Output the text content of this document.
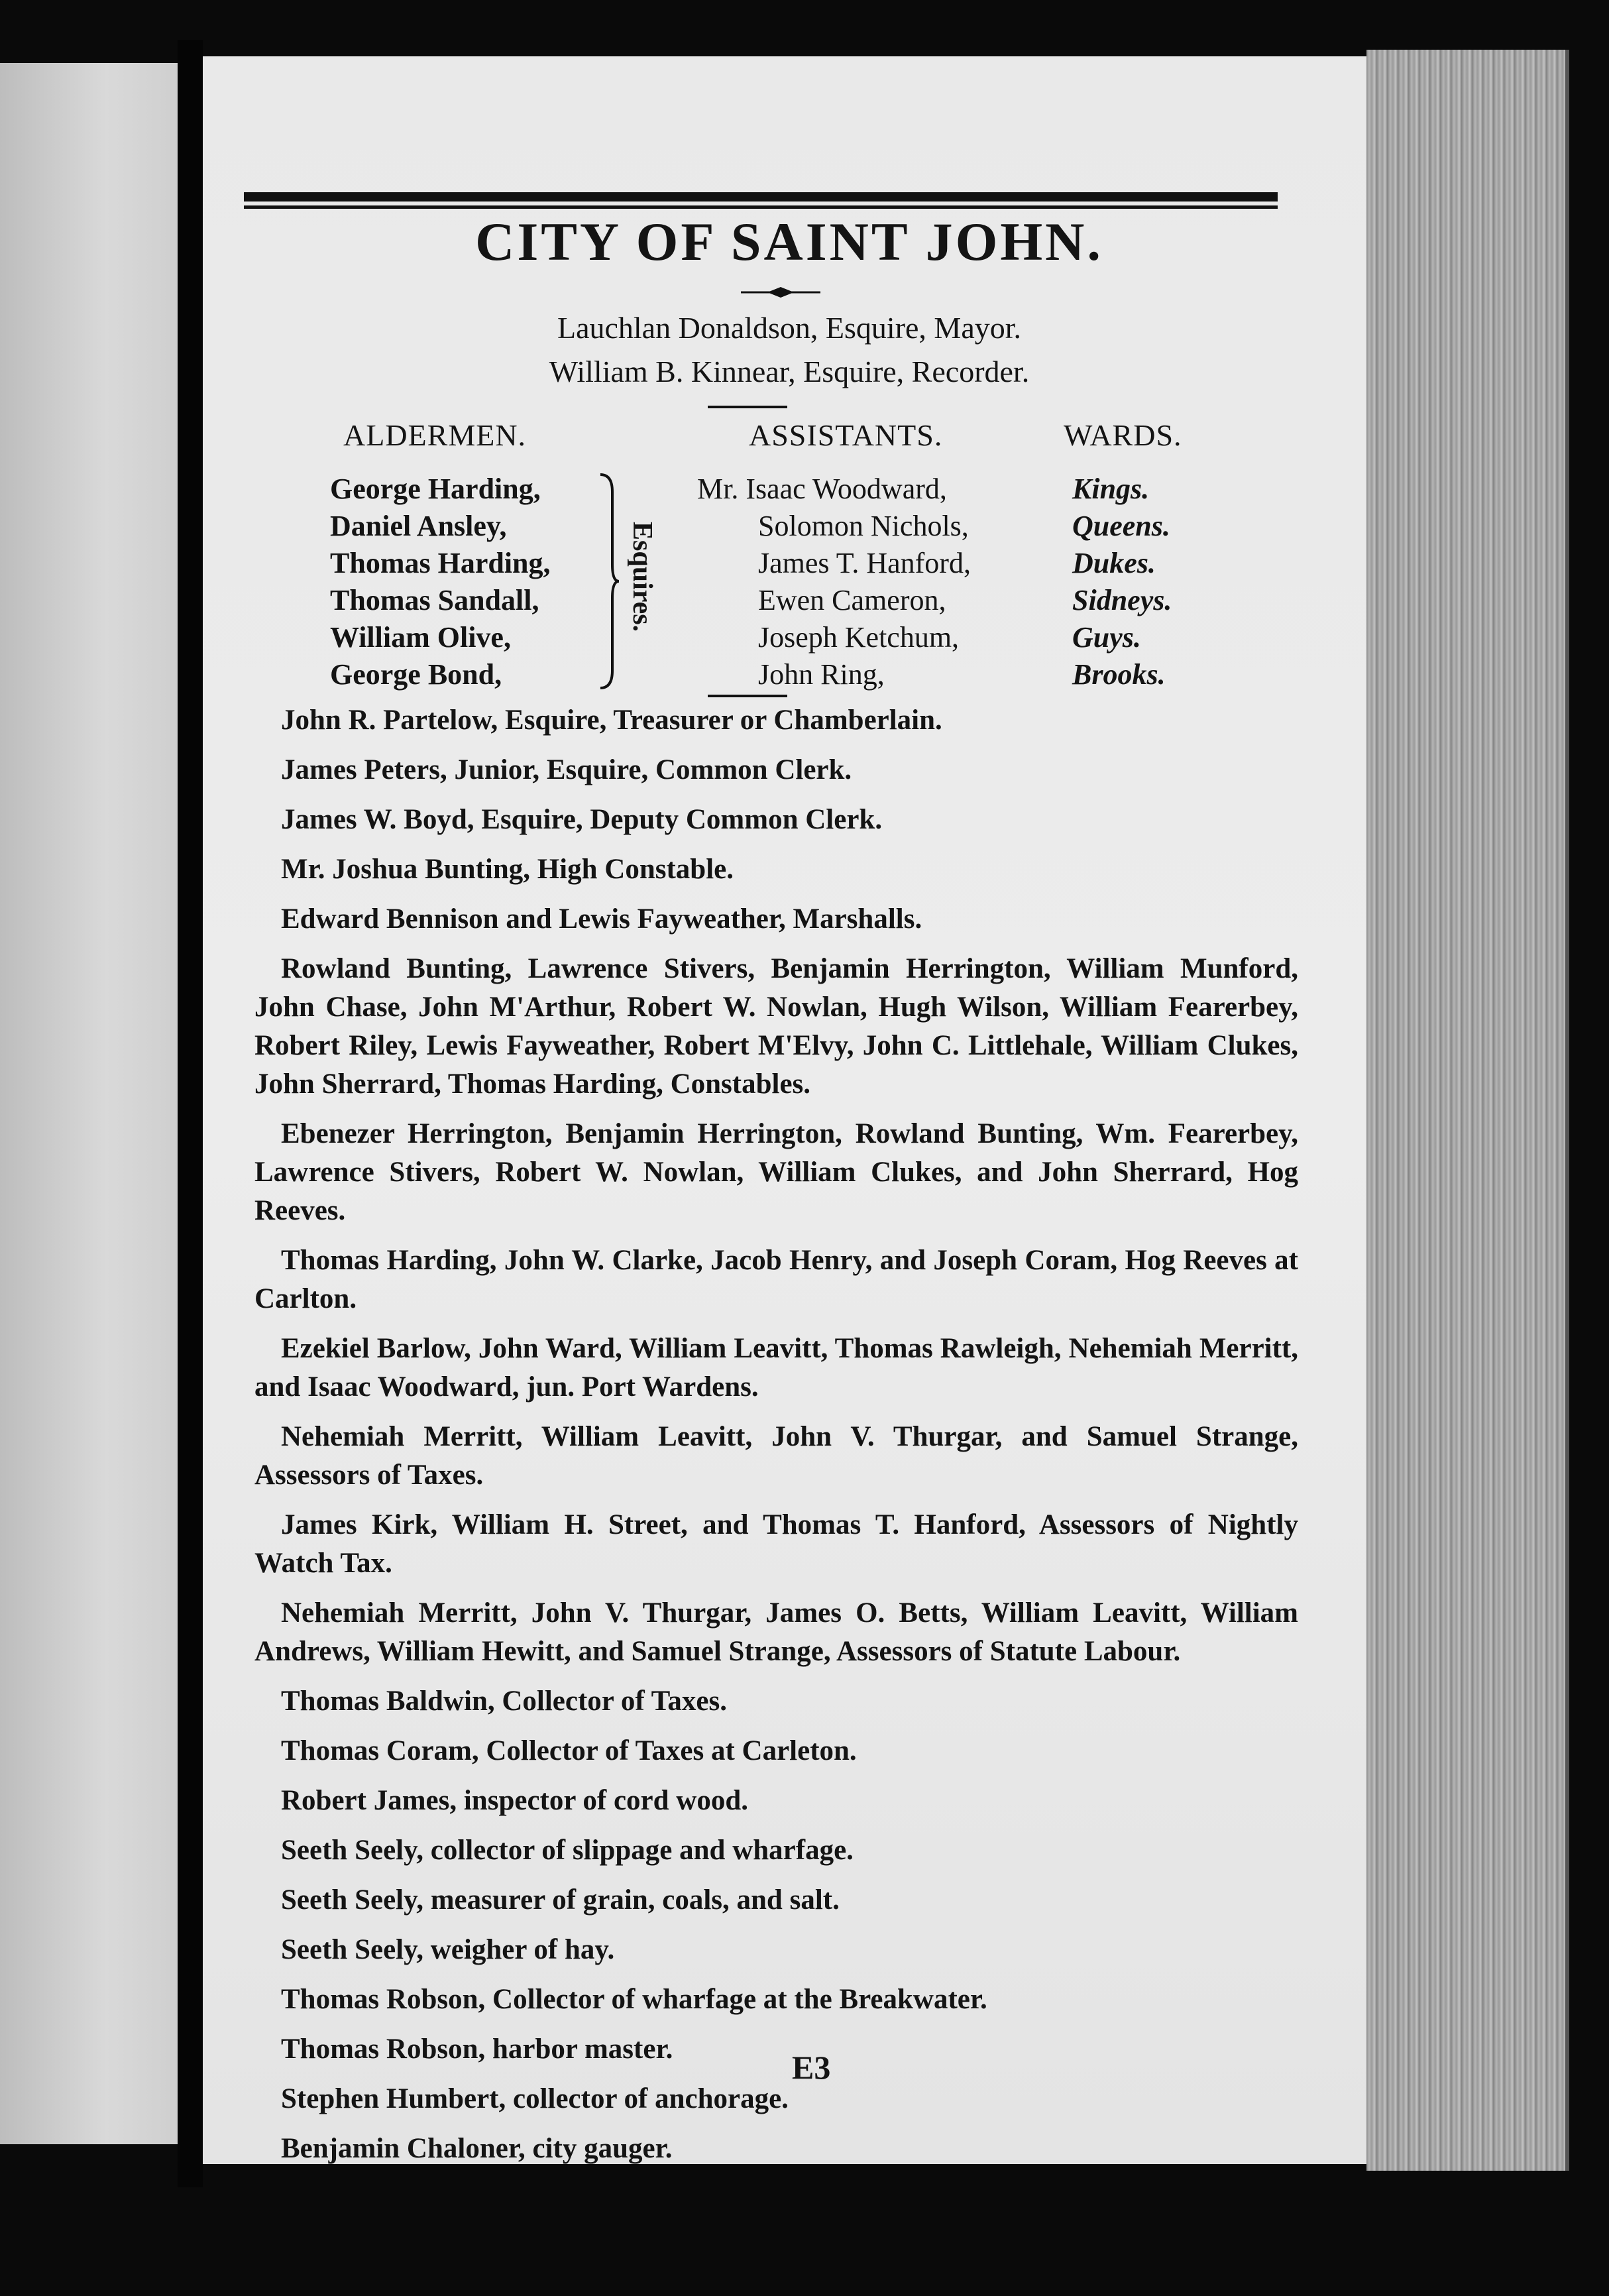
CITY OF SAINT JOHN.

Lauchlan Donaldson, Esquire, Mayor.

William B. Kinnear, Esquire, Recorder.

ALDERMEN.	ASSISTANTS.	WARDS.
George Harding,
Daniel Ansley,
Thomas Harding,
Thomas Sandall,
William Olive,
George Bond,
Esquires.
Mr. Isaac Woodward,
Solomon Nichols,
James T. Hanford,
Ewen Cameron,
Joseph Ketchum,
John Ring,
Kings.
Queens.
Dukes.
Sidneys.
Guys.
Brooks.

John R. Partelow, Esquire, Treasurer or Chamberlain.

James Peters, Junior, Esquire, Common Clerk.

James W. Boyd, Esquire, Deputy Common Clerk.

Mr. Joshua Bunting, High Constable.

Edward Bennison and Lewis Fayweather, Marshalls.

Rowland Bunting, Lawrence Stivers, Benjamin Herrington, William Munford, John Chase, John M'Arthur, Robert W. Nowlan, Hugh Wilson, William Fearerbey, Robert Riley, Lewis Fayweather, Robert M'Elvy, John C. Littlehale, William Clukes, John Sherrard, Thomas Harding, Constables.

Ebenezer Herrington, Benjamin Herrington, Rowland Bunting, Wm. Fearerbey, Lawrence Stivers, Robert W. Nowlan, William Clukes, and John Sherrard, Hog Reeves.

Thomas Harding, John W. Clarke, Jacob Henry, and Joseph Coram, Hog Reeves at Carlton.

Ezekiel Barlow, John Ward, William Leavitt, Thomas Rawleigh, Nehemiah Merritt, and Isaac Woodward, jun. Port Wardens.

Nehemiah Merritt, William Leavitt, John V. Thurgar, and Samuel Strange, Assessors of Taxes.

James Kirk, William H. Street, and Thomas T. Hanford, Assessors of Nightly Watch Tax.

Nehemiah Merritt, John V. Thurgar, James O. Betts, William Leavitt, William Andrews, William Hewitt, and Samuel Strange, Assessors of Statute Labour.

Thomas Baldwin, Collector of Taxes.

Thomas Coram, Collector of Taxes at Carleton.

Robert James, inspector of cord wood.

Seeth Seely, collector of slippage and wharfage.

Seeth Seely, measurer of grain, coals, and salt.

Seeth Seely, weigher of hay.

Thomas Robson, Collector of wharfage at the Breakwater.

Thomas Robson, harbor master.

Stephen Humbert, collector of anchorage.

Benjamin Chaloner, city gauger.

E3
